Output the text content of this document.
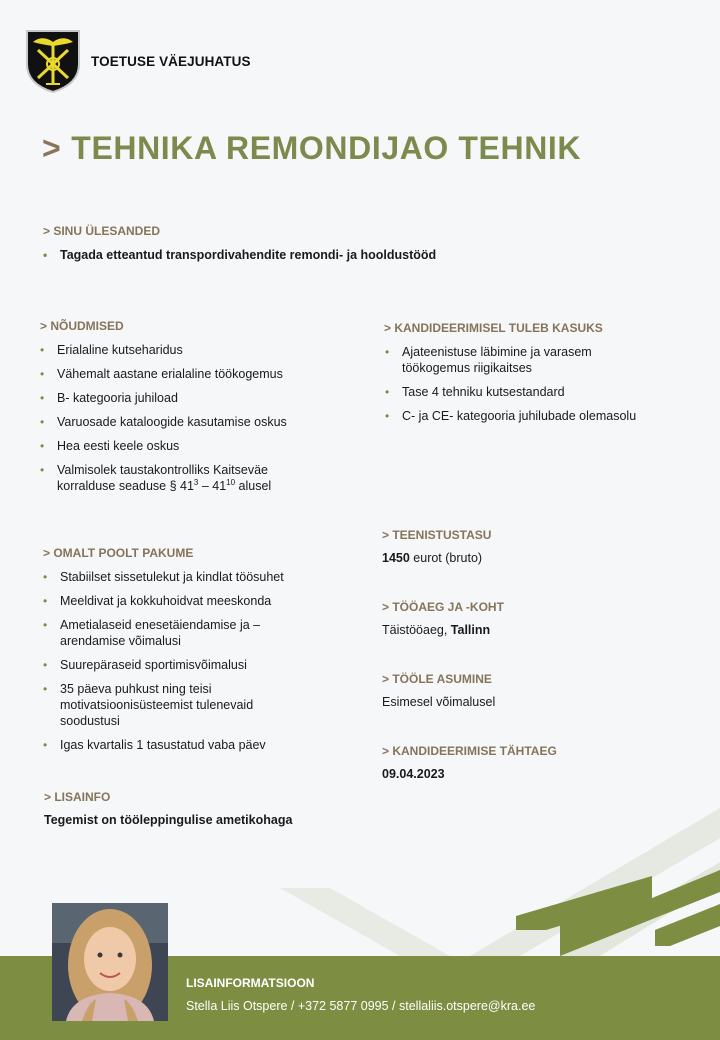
TOETUSE VÄEJUHATUS
> TEHNIKA REMONDIJAO TEHNIK
> SINU ÜLESANDED
• Tagada etteantud transpordivahendite remondi- ja hooldustööd
> NÕUDMISED
• Erialaline kutseharidus
• Vähemalt aastane erialaline töökogemus
• B- kategooria juhiload
• Varuosade kataloogide kasutamise oskus
• Hea eesti keele oskus
• Valmisolek taustakontrolliks Kaitseväe
korralduse seaduse § $41^3 - 41^{10}$ alusel
> KANDIDEERIMISEL TULEB KASUKS
• Ajateenistuse läbimine ja varasem töökogemus riigikaitses
• Tase 4 tehniku kutsestandard
• C- ja CE- kategooria juhilubade olemasolu
> OMALT POOLT PAKUME
• Stabiilset sissetulekut ja kindlat töösuhet
• Meeldivat ja kokkuhoidvat meeskonda
• Ametialaseid enesetäiendamise ja – arendamise võimalusi
• Suurepäraseid sportimisvõimalusi
• 35 päeva puhkust ning teisi motivatsioonisüsteemist tulenevaid soodustusi
• Igas kvartalis 1 tasustatud vaba päev
> TEENISTUSTASU
1450 eurot (bruto)
> TÖÖAEG JA -KOHT
Täistööaeg, Tallinn
> TÖÖLE ASUMINE
Esimesel võimalusel
> KANDIDEERIMISE TÄHTAEG
09.04.2023
> LISAINFO
Tegemist on tööleppingulise ametikohaga
LISAINFORMATSIOON
Stella Liis Otspere / +372 5877 0995 / stellaliis.otspere@kra.ee
